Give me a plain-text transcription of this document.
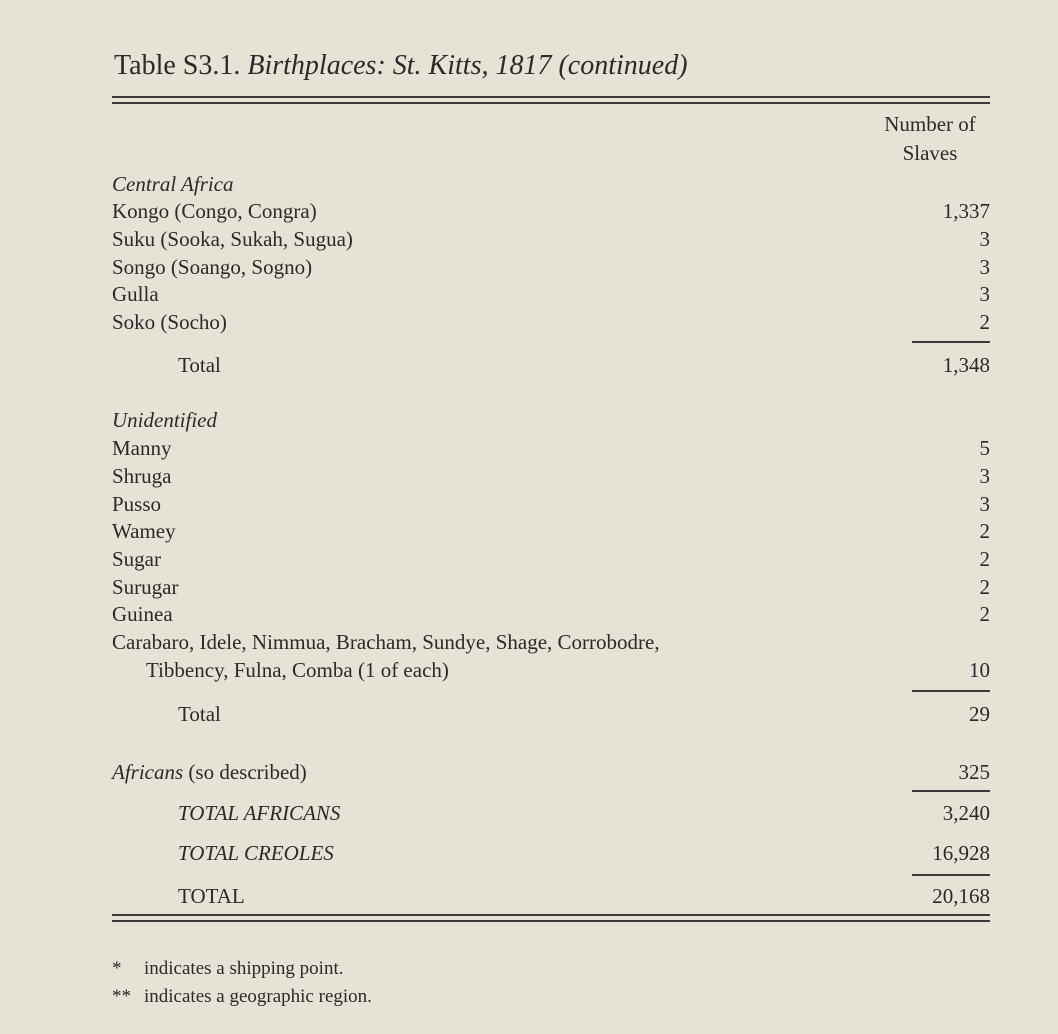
Table S3.1. Birthplaces: St. Kitts, 1817 (continued)
Number of
Slaves
Central Africa
Kongo (Congo, Congra)	1,337
Suku (Sooka, Sukah, Sugua)	3
Songo (Soango, Sogno)	3
Gulla	3
Soko (Socho)	2
Total	1,348
Unidentified
Manny	5
Shruga	3
Pusso	3
Wamey	2
Sugar	2
Surugar	2
Guinea	2
Carabaro, Idele, Nimmua, Bracham, Sundye, Shage, Corrobodre,
Tibbency, Fulna, Comba (1 of each)	10
Total	29
Africans (so described)	325
TOTAL AFRICANS	3,240
TOTAL CREOLES	16,928
TOTAL	20,168
* indicates a shipping point.
** indicates a geographic region.
